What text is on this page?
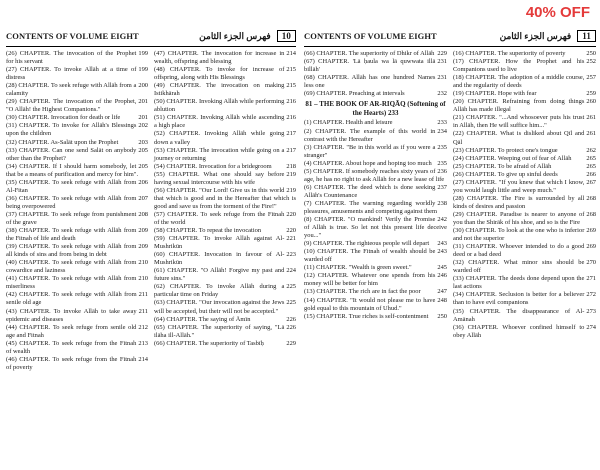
40% OFF
CONTENTS OF VOLUME EIGHT	فهرس الجزء الثامن 10
199
(26) CHAPTER. The invocation of the Prophet for his servant
199
(27) CHAPTER. To invoke Allāh at a time of distress
200
(28) CHAPTER. To seek refuge with Allāh from a calamity
201
(29) CHAPTER. The invocation of the Prophet, "O Allāh! the Highest Companions."
201
(30) CHAPTER. Invocation for death or life
202
(31) CHAPTER. To invoke for Allāh's Blessings upon the children
203
(32) CHAPTER. As-Salāt upon the Prophet
205
(33) CHAPTER. Can one send Salāt on anybody other than the Prophet?
205
(34) CHAPTER. If I should harm somebody, let that be a means of purification and mercy for him".
206
(35) CHAPTER. To seek refuge with Allāh from Al-Fitan
207
(36) CHAPTER. To seek refuge with Allāh from being overpowered
208
(37) CHAPTER. To seek refuge from punishment of the grave
209
(38) CHAPTER. To seek refuge with Allāh from the Fitnah of life and death
209
(39) CHAPTER. To seek refuge with Allāh from all kinds of sins and from being in debt
210
(40) CHAPTER. To seek refuge with Allāh from cowardice and laziness
210
(41) CHAPTER. To seek refuge with Allāh from miserliness
211
(42) CHAPTER. To seek refuge with Allāh from senile old age
211
(43) CHAPTER. To invoke Allāh to take away epidemic and diseases
212
(44) CHAPTER. To seek refuge from senile old age and Fitnah
213
(45) CHAPTER. To seek refuge from the Fitnah of wealth
214
(46) CHAPTER. To seek refuge from the Fitnah of poverty
214
(47) CHAPTER. The invocation for increase in wealth, offspring and blessing
215
(48) CHAPTER. To invoke for increase of offspring, along with His Blessings
215
(49) CHAPTER. The invocation on making Istikhārah
216
(50) CHAPTER. Invoking Allāh while performing ablution
216
(51) CHAPTER. Invoking Allāh while ascending a high place
217
(52) CHAPTER. Invoking Allāh while going down a valley
217
(53) CHAPTER. The invocation while going on a journey or returning
218
(54) CHAPTER. Invocation for a bridegroom
219
(55) CHAPTER. What one should say before having sexual intercourse with his wife
219
(56) CHAPTER. "Our Lord! Give us in this world that which is good and in the Hereafter that which is good and save us from the torment of the Fire!"
220
(57) CHAPTER. To seek refuge from the Fitnah of the world
220
(58) CHAPTER. To repeat the invocation
221
(59) CHAPTER. To invoke Allāh against Al-Mushrikūn
223
(60) CHAPTER. Invocation in favour of Al-Mushrikūn
224
(61) CHAPTER. "O Allāh! Forgive my past and future sins."
225
(62) CHAPTER. To invoke Allāh during a particular time on Friday
225
(63) CHAPTER. "Our invocation against the Jews will be accepted, but their will not be accepted."
226
(64) CHAPTER. The saying of Āmīn
226
(65) CHAPTER. The superiority of saying, "Lā ilāha ill-Allāh."
229
(66) CHAPTER. The superiority of Tasbīḥ
CONTENTS OF VOLUME EIGHT	فهرس الجزء الثامن 11
229
(66) CHAPTER. The superiority of Dhikr of Allāh
231
(67) CHAPTER. 'Lā ḥaula wa lā quwwata illā billāh'
231
(68) CHAPTER. Allāh has one hundred Names less one
232
(69) CHAPTER. Preaching at intervals
81 – THE BOOK OF AR-RIQĀQ (Softening of the Hearts) 233
233
(1) CHAPTER. Health and leisure
234
(2) CHAPTER. The example of this world in contrast with the Hereafter
235
(3) CHAPTER. "Be in this world as if you were a stranger"
235
(4) CHAPTER. About hope and hoping too much
236
(5) CHAPTER. If somebody reaches sixty years of age, he has no right to ask Allāh for a new lease of life
237
(6) CHAPTER. The deed which is done seeking Allāh's Countenance
238
(7) CHAPTER. The warning regarding worldly pleasures, amusements and competing against them
242
(8) CHAPTER. "O mankind! Verily the Promise of Allāh is true. So let not this present life deceive you..."
243
(9) CHAPTER. The righteous people will depart
243
(10) CHAPTER. The Fitnah of wealth should be warded off
245
(11) CHAPTER. "Wealth is green sweet."
246
(12) CHAPTER. Whatever one spends from his money will be better for him
247
(13) CHAPTER. The rich are in fact the poor
248
(14) CHAPTER. "It would not please me to have gold equal to this mountain of Uhud."
250
(15) CHAPTER. True riches is self-contentment
250
(16) CHAPTER. The superiority of poverty
252
(17) CHAPTER. How the Prophet and his Companions used to live
257
(18) CHAPTER. The adoption of a middle course, and the regularity of deeds
259
(19) CHAPTER. Hope with fear
260
(20) CHAPTER. Refraining from doing things Allāh has made illegal
261
(21) CHAPTER. "...And whosoever puts his trust in Allāh, then He will suffice him..."
261
(22) CHAPTER. What is disliked about Qīl and Qāl
262
(23) CHAPTER. To protect one's tongue
265
(24) CHAPTER. Weeping out of fear of Allāh
265
(25) CHAPTER. To be afraid of Allāh
266
(26) CHAPTER. To give up sinful deeds
267
(27) CHAPTER. "If you knew that which I know, you would laugh little and weep much."
268
(28) CHAPTER. The Fire is surrounded by all kinds of desires and passion
268
(29) CHAPTER. Paradise is nearer to anyone of you than the Shirāk of his shoe, and so is the Fire
269
(30) CHAPTER. To look at the one who is inferior and not the superior
269
(31) CHAPTER. Whoever intended to do a good deed or a bad deed
270
(32) CHAPTER. What minor sins should be warded off
271
(33) CHAPTER. The deeds done depend upon the last actions
272
(34) CHAPTER. Seclusion is better for a believer than to have evil companions
273
(35) CHAPTER. The disappearance of Al-Amānah
274
(36) CHAPTER. Whoever confined himself to obey Allāh
